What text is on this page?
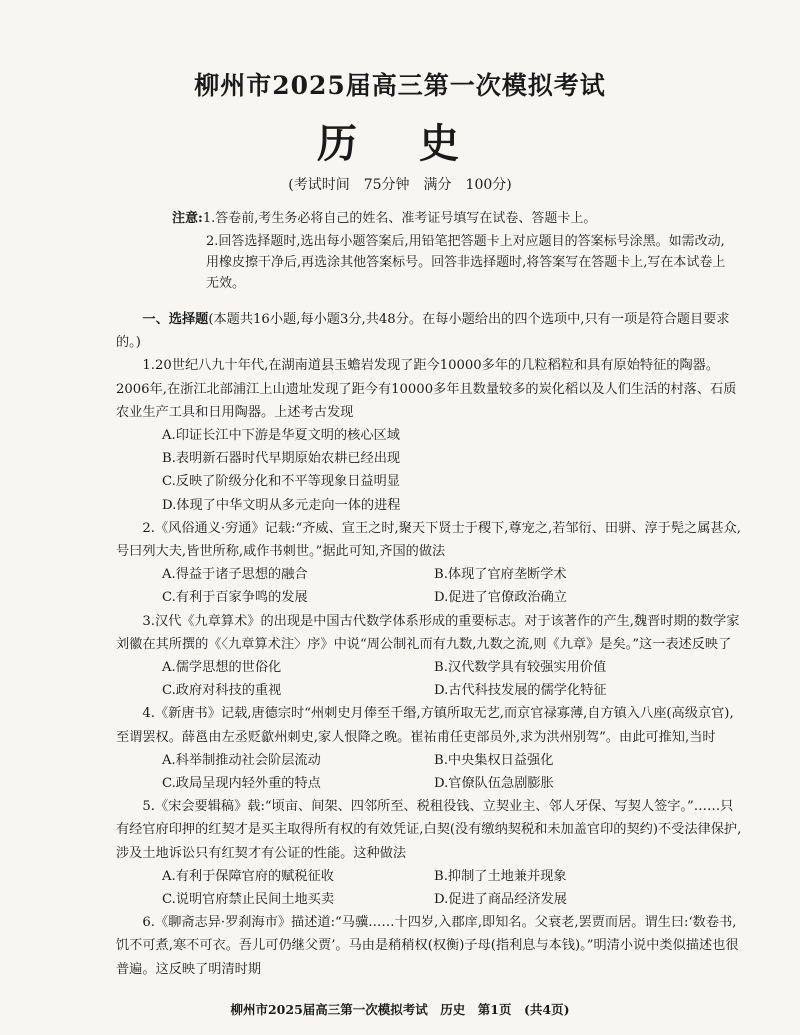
柳州市2025届高三第一次模拟考试
历 史
(考试时间　75分钟　满分　100分)
注意:1.答卷前,考生务必将自己的姓名、准考证号填写在试卷、答题卡上。
2.回答选择题时,选出每小题答案后,用铅笔把答题卡上对应题目的答案标号涂黑。如需改动,用橡皮擦干净后,再选涂其他答案标号。回答非选择题时,将答案写在答题卡上,写在本试卷上无效。

一、选择题(本题共16小题,每小题3分,共48分。在每小题给出的四个选项中,只有一项是符合题目要求的。)

1.20世纪八九十年代,在湖南道县玉蟾岩发现了距今10000多年的几粒稻粒和具有原始特征的陶器。2006年,在浙江北部浦江上山遗址发现了距今有10000多年且数量较多的炭化稻以及人们生活的村落、石质农业生产工具和日用陶器。上述考古发现

A.印证长江中下游是华夏文明的核心区域

B.表明新石器时代早期原始农耕已经出现

C.反映了阶级分化和不平等现象日益明显

D.体现了中华文明从多元走向一体的进程

2.《风俗通义·穷通》记载:“齐威、宣王之时,聚天下贤士于稷下,尊宠之,若邹衍、田骈、淳于髡之属甚众,号曰列大夫,皆世所称,咸作书刺世。”据此可知,齐国的做法

A.得益于诸子思想的融合	B.体现了官府垄断学术
C.有利于百家争鸣的发展	D.促进了官僚政治确立

3.汉代《九章算术》的出现是中国古代数学体系形成的重要标志。对于该著作的产生,魏晋时期的数学家刘徽在其所撰的《〈九章算术注〉序》中说“周公制礼而有九数,九数之流,则《九章》是矣。”这一表述反映了

A.儒学思想的世俗化	B.汉代数学具有较强实用价值
C.政府对科技的重视	D.古代科技发展的儒学化特征

4.《新唐书》记载,唐德宗时“州刺史月俸至千缗,方镇所取无艺,而京官禄寡薄,自方镇入八座(高级京官),至谓罢权。薛邕由左丞贬歙州刺史,家人恨降之晚。崔祐甫任吏部员外,求为洪州别驾”。由此可推知,当时

A.科举制推动社会阶层流动	B.中央集权日益强化
C.政局呈现内轻外重的特点	D.官僚队伍急剧膨胀

5.《宋会要辑稿》载:“顷亩、间架、四邻所至、税租役钱、立契业主、邻人牙保、写契人签字。”……只有经官府印押的红契才是买主取得所有权的有效凭证,白契(没有缴纳契税和未加盖官印的契约)不受法律保护,涉及土地诉讼只有红契才有公证的性能。这种做法

A.有利于保障官府的赋税征收	B.抑制了土地兼并现象
C.说明官府禁止民间土地买卖	D.促进了商品经济发展

6.《聊斋志异·罗刹海市》描述道:“马骥……十四岁,入郡庠,即知名。父衰老,罢贾而居。谓生曰:‘数卷书,饥不可煮,寒不可衣。吾儿可仍继父贾’。马由是稍稍权(权衡)子母(指利息与本钱)。”明清小说中类似描述也很普遍。这反映了明清时期

柳州市2025届高三第一次模拟考试　历史　第1页　(共4页)
